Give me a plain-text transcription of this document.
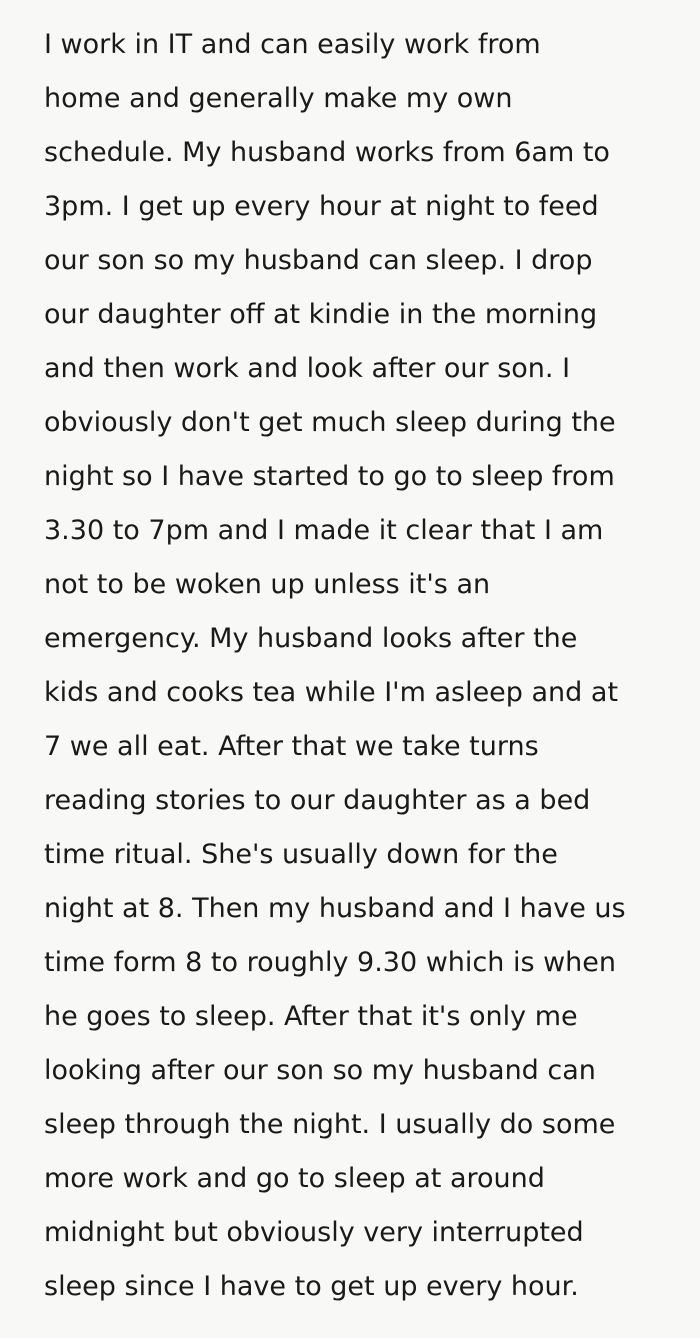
I work in IT and can easily work from
home and generally make my own
schedule. My husband works from 6am to
3pm. I get up every hour at night to feed
our son so my husband can sleep. I drop
our daughter off at kindie in the morning
and then work and look after our son. I
obviously don't get much sleep during the
night so I have started to go to sleep from
3.30 to 7pm and I made it clear that I am
not to be woken up unless it's an
emergency. My husband looks after the
kids and cooks tea while I'm asleep and at
7 we all eat. After that we take turns
reading stories to our daughter as a bed
time ritual. She's usually down for the
night at 8. Then my husband and I have us
time form 8 to roughly 9.30 which is when
he goes to sleep. After that it's only me
looking after our son so my husband can
sleep through the night. I usually do some
more work and go to sleep at around
midnight but obviously very interrupted
sleep since I have to get up every hour.
